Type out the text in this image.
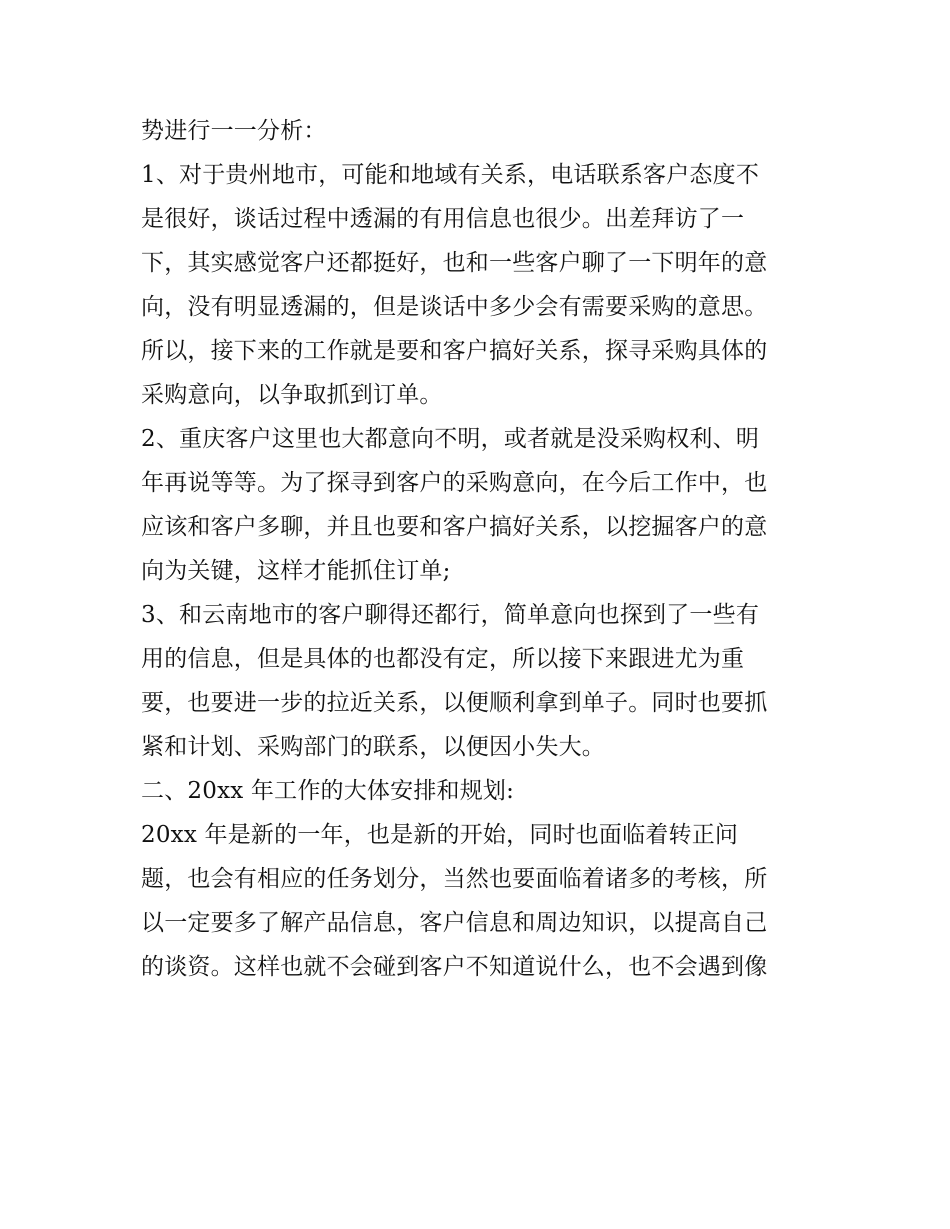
势进行一一分析：
1、对于贵州地市，可能和地域有关系，电话联系客户态度不
是很好，谈话过程中透漏的有用信息也很少。出差拜访了一
下，其实感觉客户还都挺好，也和一些客户聊了一下明年的意
向，没有明显透漏的，但是谈话中多少会有需要采购的意思。
所以，接下来的工作就是要和客户搞好关系，探寻采购具体的
采购意向，以争取抓到订单。
2、重庆客户这里也大都意向不明，或者就是没采购权利、明
年再说等等。为了探寻到客户的采购意向，在今后工作中，也
应该和客户多聊，并且也要和客户搞好关系，以挖掘客户的意
向为关键，这样才能抓住订单;
3、和云南地市的客户聊得还都行，简单意向也探到了一些有
用的信息，但是具体的也都没有定，所以接下来跟进尤为重
要，也要进一步的拉近关系，以便顺利拿到单子。同时也要抓
紧和计划、采购部门的联系，以便因小失大。
二、20xx 年工作的大体安排和规划:
20xx 年是新的一年，也是新的开始，同时也面临着转正问
题，也会有相应的任务划分，当然也要面临着诸多的考核，所
以一定要多了解产品信息，客户信息和周边知识，以提高自己
的谈资。这样也就不会碰到客户不知道说什么，也不会遇到像
